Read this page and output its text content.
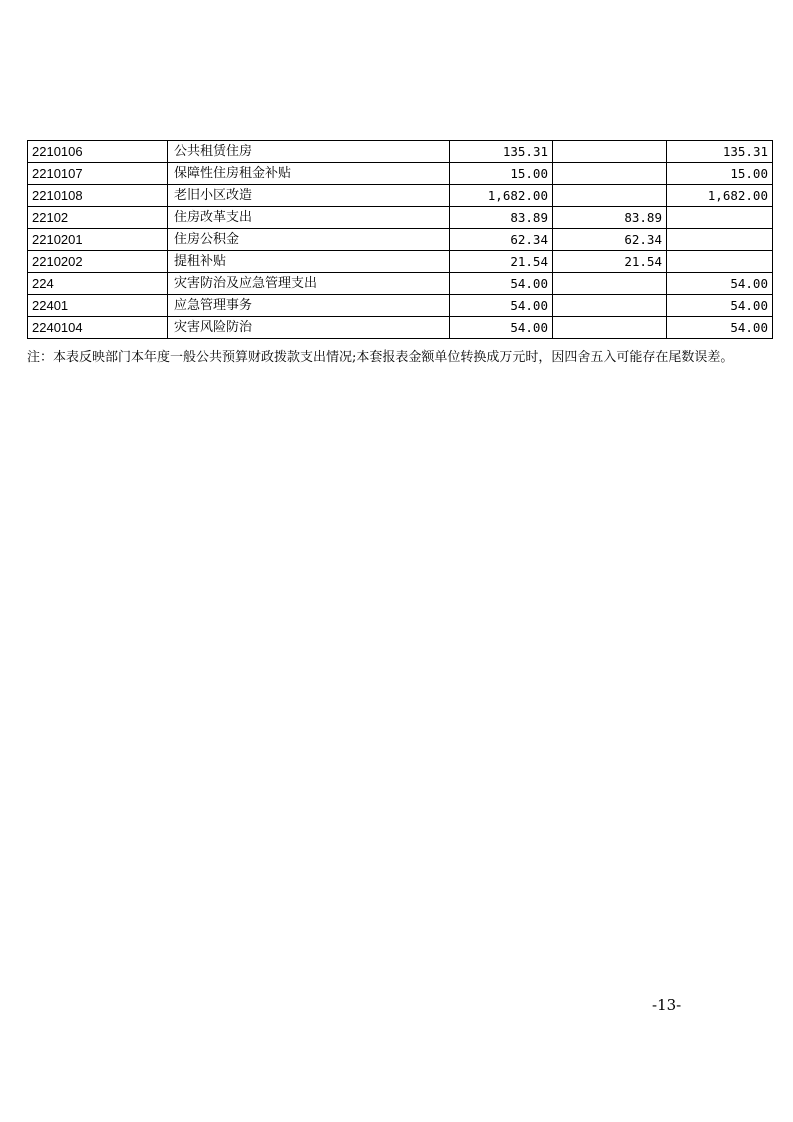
2210106	公共租赁住房	135.31		135.31
2210107	保障性住房租金补贴	15.00		15.00
2210108	老旧小区改造	1,682.00		1,682.00
22102	住房改革支出	83.89	83.89	
2210201	住房公积金	62.34	62.34	
2210202	提租补贴	21.54	21.54	
224	灾害防治及应急管理支出	54.00		54.00
22401	应急管理事务	54.00		54.00
2240104	灾害风险防治	54.00		54.00
注：本表反映部门本年度一般公共预算财政拨款支出情况;本套报表金额单位转换成万元时，因四舍五入可能存在尾数误差。
-13-
